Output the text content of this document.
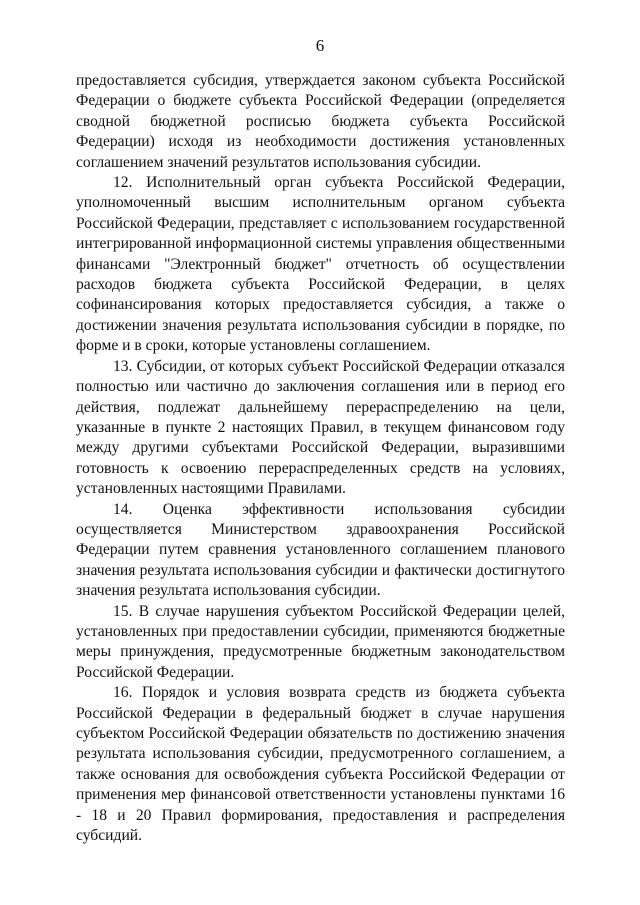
6

предоставляется субсидия, утверждается законом субъекта Российской Федерации о бюджете субъекта Российской Федерации (определяется сводной бюджетной росписью бюджета субъекта Российской Федерации) исходя из необходимости достижения установленных соглашением значений результатов использования субсидии.

12. Исполнительный орган субъекта Российской Федерации, уполномоченный высшим исполнительным органом субъекта Российской Федерации, представляет с использованием государственной интегрированной информационной системы управления общественными финансами "Электронный бюджет" отчетность об осуществлении расходов бюджета субъекта Российской Федерации, в целях софинансирования которых предоставляется субсидия, а также о достижении значения результата использования субсидии в порядке, по форме и в сроки, которые установлены соглашением.

13. Субсидии, от которых субъект Российской Федерации отказался полностью или частично до заключения соглашения или в период его действия, подлежат дальнейшему перераспределению на цели, указанные в пункте 2 настоящих Правил, в текущем финансовом году между другими субъектами Российской Федерации, выразившими готовность к освоению перераспределенных средств на условиях, установленных настоящими Правилами.

14. Оценка эффективности использования субсидии осуществляется Министерством здравоохранения Российской Федерации путем сравнения установленного соглашением планового значения результата использования субсидии и фактически достигнутого значения результата использования субсидии.

15. В случае нарушения субъектом Российской Федерации целей, установленных при предоставлении субсидии, применяются бюджетные меры принуждения, предусмотренные бюджетным законодательством Российской Федерации.

16. Порядок и условия возврата средств из бюджета субъекта Российской Федерации в федеральный бюджет в случае нарушения субъектом Российской Федерации обязательств по достижению значения результата использования субсидии, предусмотренного соглашением, а также основания для освобождения субъекта Российской Федерации от применения мер финансовой ответственности установлены пунктами 16 - 18 и 20 Правил формирования, предоставления и распределения субсидий.
